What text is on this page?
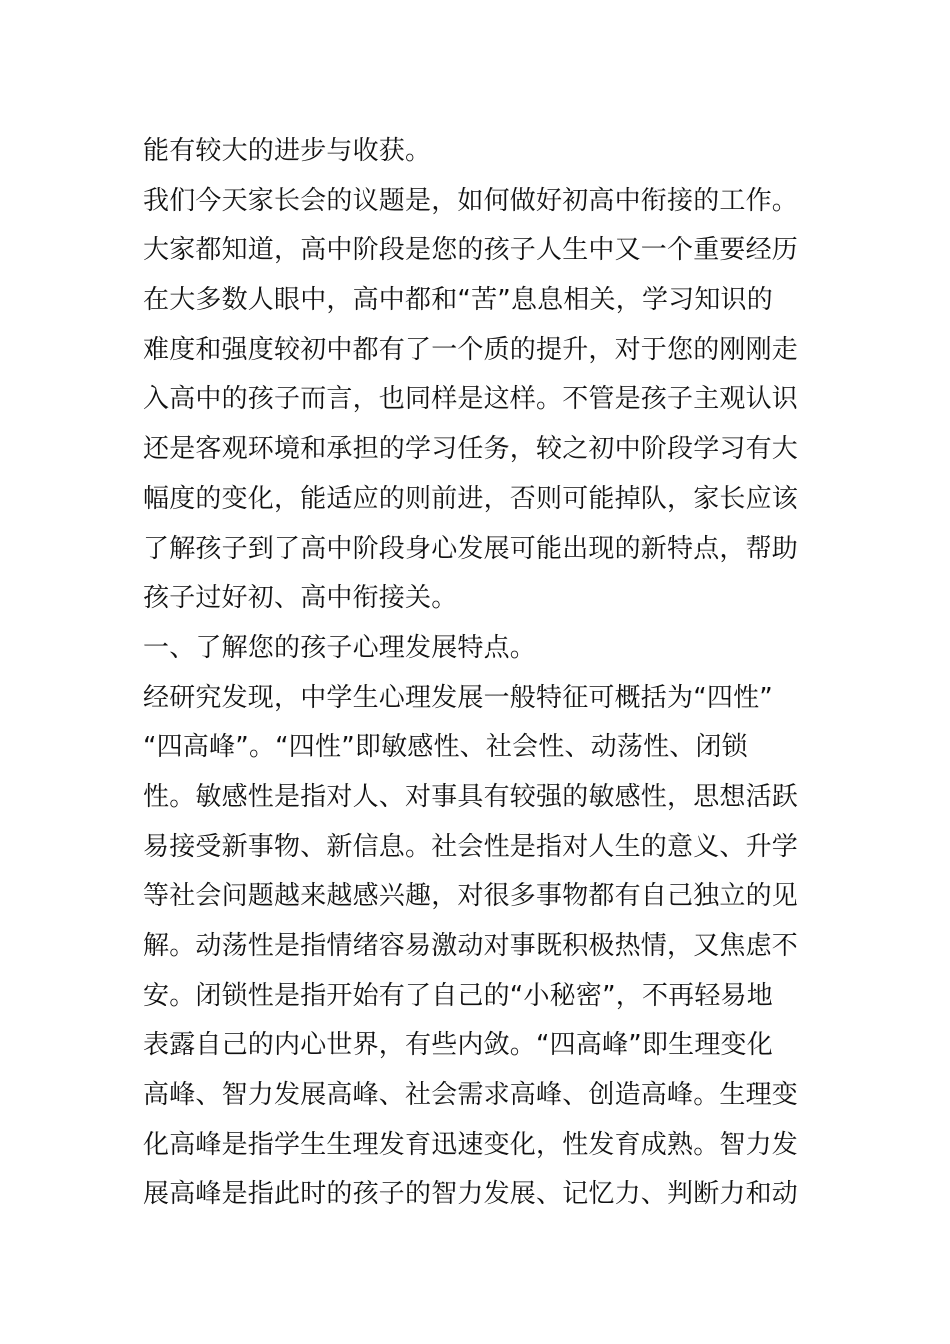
能有较大的进步与收获。
我们今天家长会的议题是，如何做好初高中衔接的工作。
大家都知道，高中阶段是您的孩子人生中又一个重要经历
在大多数人眼中，高中都和“苦”息息相关，学习知识的
难度和强度较初中都有了一个质的提升，对于您的刚刚走
入高中的孩子而言，也同样是这样。不管是孩子主观认识
还是客观环境和承担的学习任务，较之初中阶段学习有大
幅度的变化，能适应的则前进，否则可能掉队，家长应该
了解孩子到了高中阶段身心发展可能出现的新特点，帮助
孩子过好初、高中衔接关。
一、了解您的孩子心理发展特点。
经研究发现，中学生心理发展一般特征可概括为“四性”
“四高峰”。“四性”即敏感性、社会性、动荡性、闭锁
性。敏感性是指对人、对事具有较强的敏感性，思想活跃
易接受新事物、新信息。社会性是指对人生的意义、升学
等社会问题越来越感兴趣，对很多事物都有自己独立的见
解。动荡性是指情绪容易激动对事既积极热情，又焦虑不
安。闭锁性是指开始有了自己的“小秘密”，不再轻易地
表露自己的内心世界，有些内敛。“四高峰”即生理变化
高峰、智力发展高峰、社会需求高峰、创造高峰。生理变
化高峰是指学生生理发育迅速变化，性发育成熟。智力发
展高峰是指此时的孩子的智力发展、记忆力、判断力和动
